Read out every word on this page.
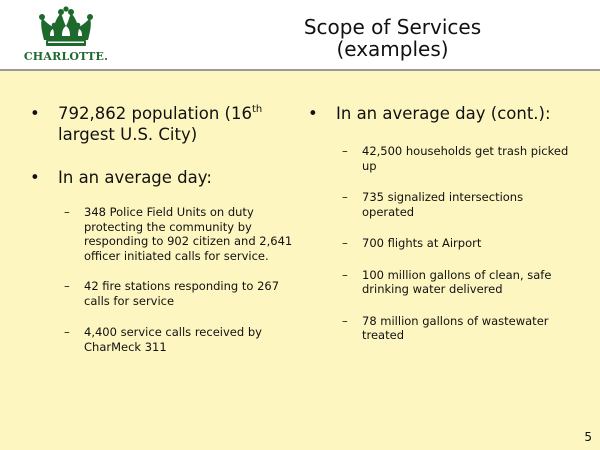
CHARLOTTE.
Scope of Services
(examples)
• 792,862 population (16th largest U.S. City)
• In an average day:
– 348 Police Field Units on duty protecting the community by responding to 902 citizen and 2,641 officer initiated calls for service.
– 42 fire stations responding to 267 calls for service
– 4,400 service calls received by CharMeck 311
• In an average day (cont.):
– 42,500 households get trash picked up
– 735 signalized intersections operated
– 700 flights at Airport
– 100 million gallons of clean, safe drinking water delivered
– 78 million gallons of wastewater treated
5
